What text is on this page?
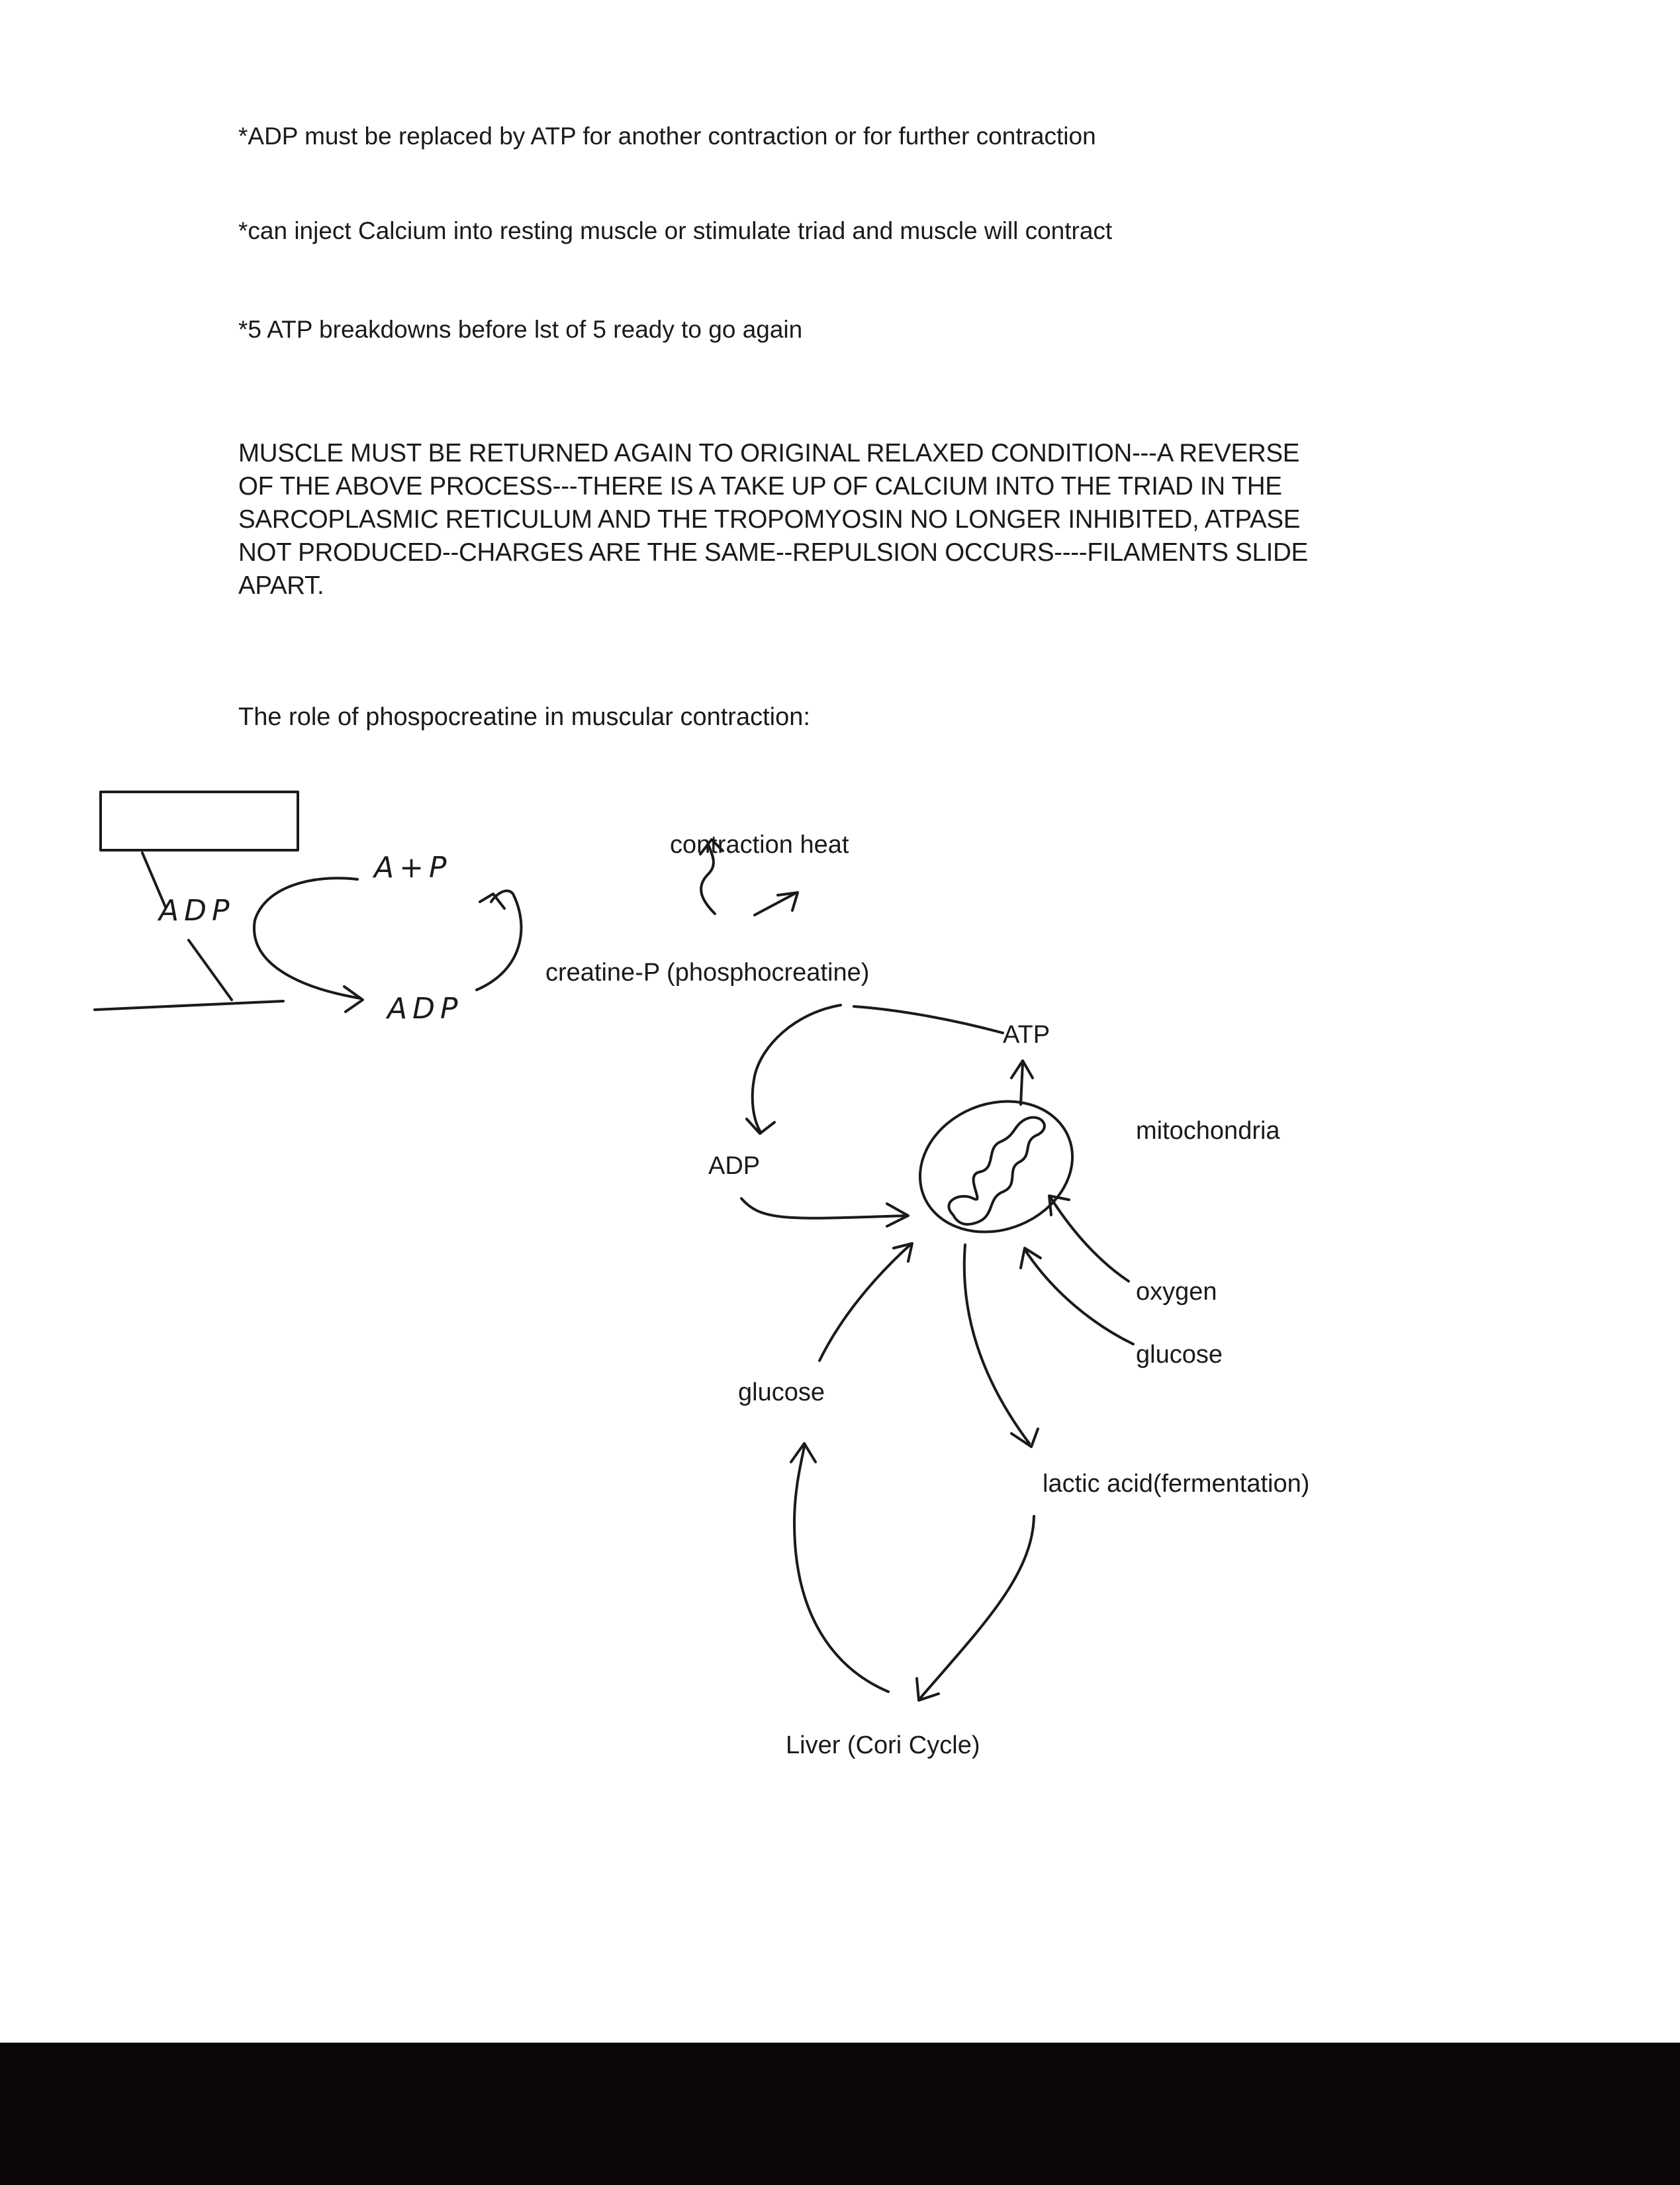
*ADP must be replaced by ATP for another contraction or for further contraction
*can inject Calcium into resting muscle or stimulate triad and muscle will contract
*5 ATP breakdowns before lst of 5 ready to go again
MUSCLE MUST BE RETURNED AGAIN TO ORIGINAL RELAXED CONDITION---A REVERSE
OF THE ABOVE PROCESS---THERE IS A TAKE UP OF CALCIUM INTO THE TRIAD IN THE
SARCOPLASMIC RETICULUM AND THE TROPOMYOSIN NO LONGER INHIBITED, ATPASE
NOT PRODUCED--CHARGES ARE THE SAME--REPULSION OCCURS----FILAMENTS SLIDE
APART.
The role of phospocreatine in muscular contraction:
ADP
A+P
ADP
contraction heat
creatine-P (phosphocreatine)
ATP
mitochondria
ADP
oxygen
glucose
glucose
lactic acid(fermentation)
Liver (Cori Cycle)
